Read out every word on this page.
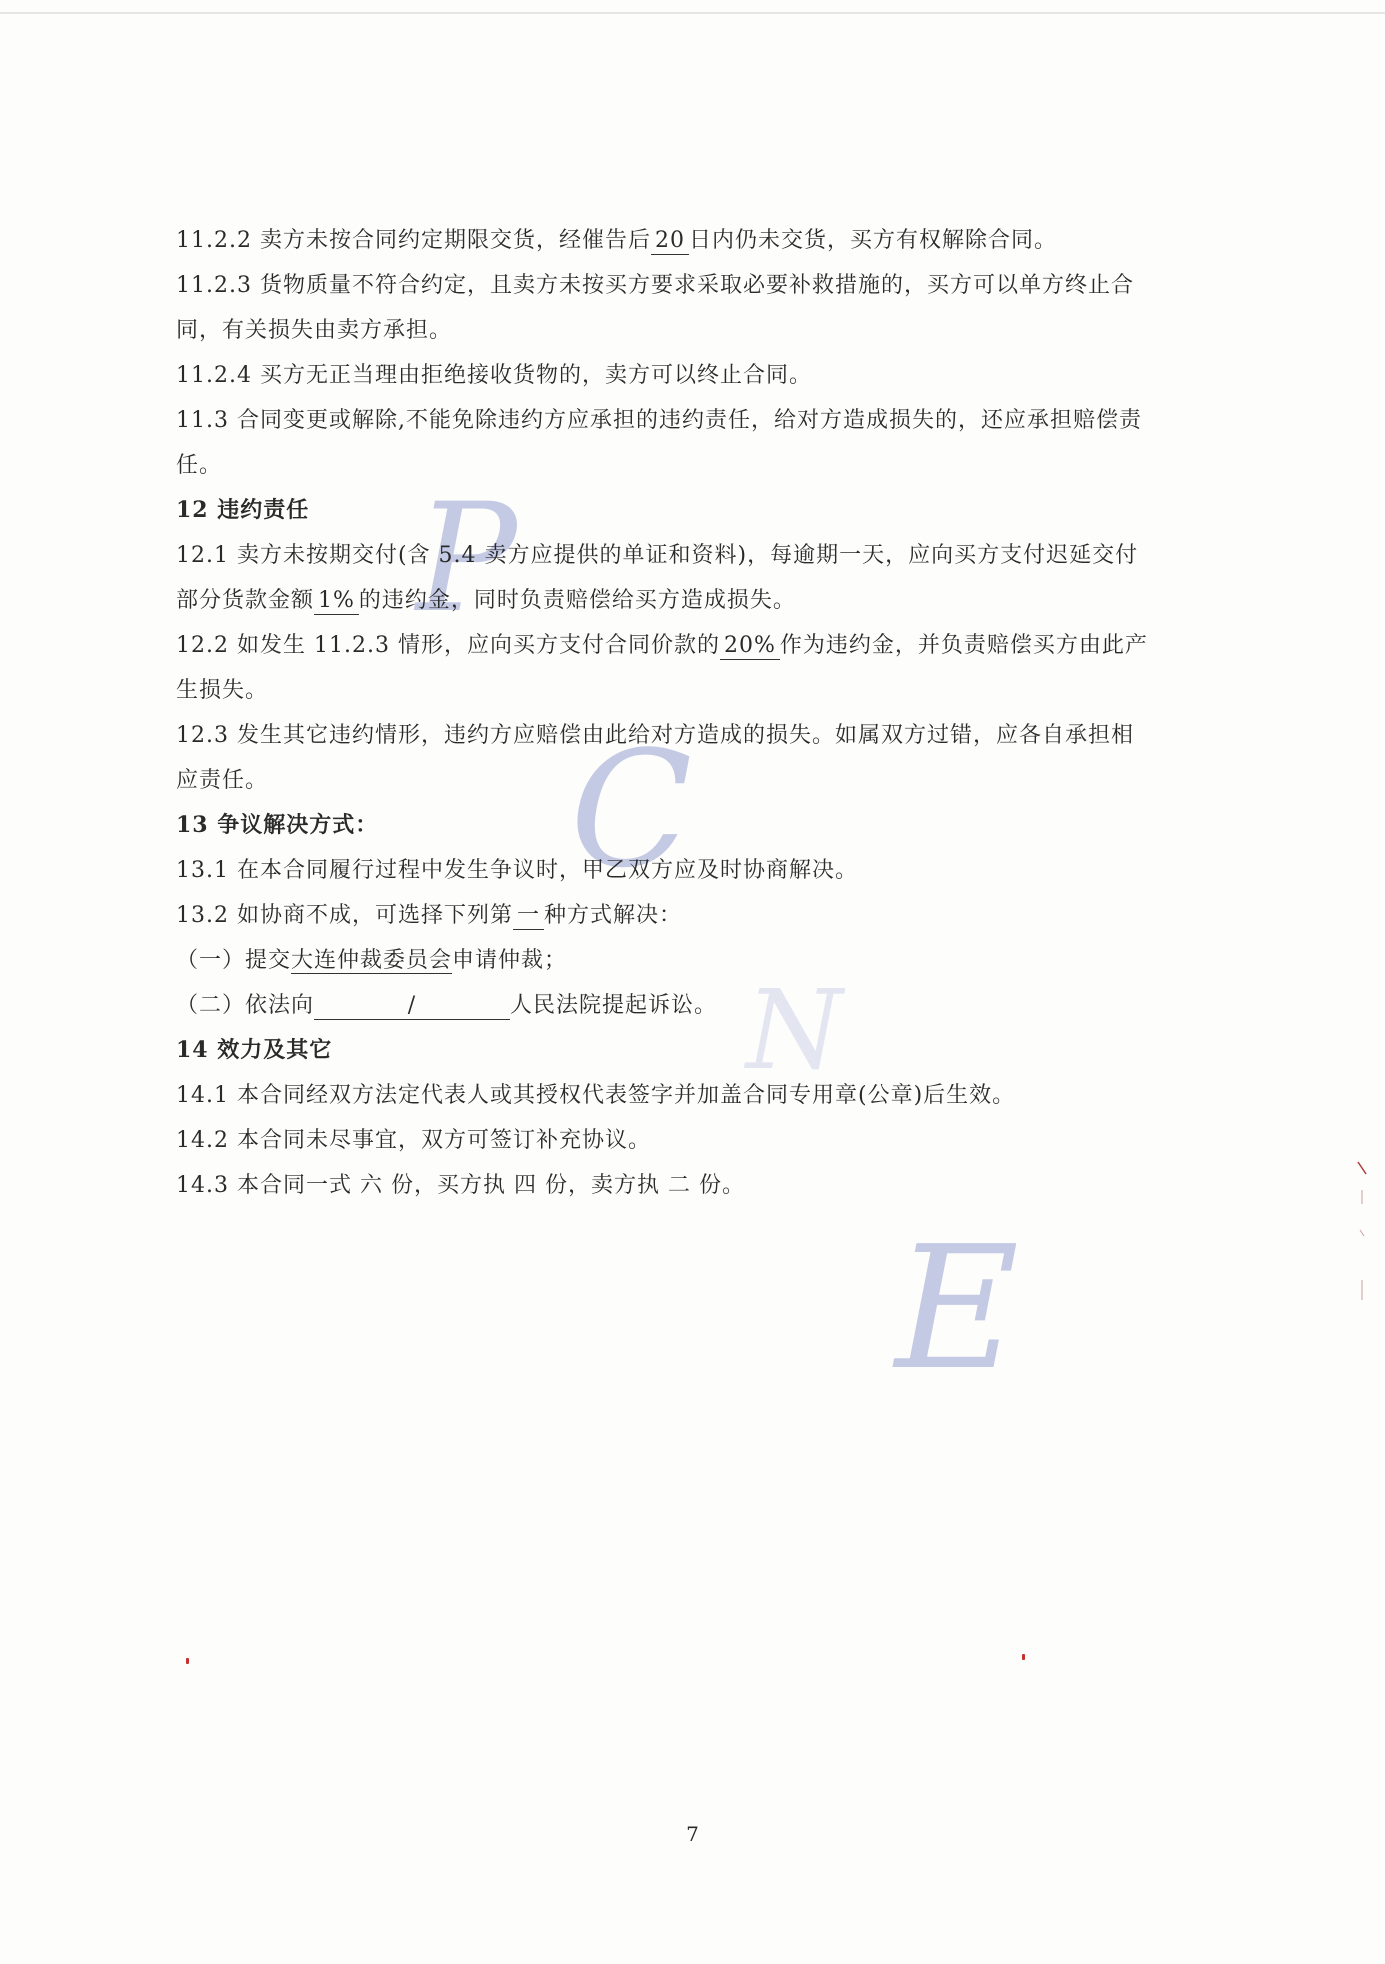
P
C
N
E
11.2.2 卖方未按合同约定期限交货，经催告后 20 日内仍未交货，买方有权解除合同。
11.2.3 货物质量不符合约定，且卖方未按买方要求采取必要补救措施的，买方可以单方终止合
同，有关损失由卖方承担。
11.2.4 买方无正当理由拒绝接收货物的，卖方可以终止合同。
11.3 合同变更或解除,不能免除违约方应承担的违约责任，给对方造成损失的，还应承担赔偿责
任。
12 违约责任
12.1 卖方未按期交付(含 5.4 卖方应提供的单证和资料)，每逾期一天，应向买方支付迟延交付
部分货款金额 1% 的违约金，同时负责赔偿给买方造成损失。
12.2 如发生 11.2.3 情形，应向买方支付合同价款的 20% 作为违约金，并负责赔偿买方由此产
生损失。
12.3 发生其它违约情形，违约方应赔偿由此给对方造成的损失。如属双方过错，应各自承担相
应责任。
13 争议解决方式：
13.1 在本合同履行过程中发生争议时，甲乙双方应及时协商解决。
13.2 如协商不成，可选择下列第 一 种方式解决：
（一）提交大连仲裁委员会申请仲裁；
（二）依法向	/	人民法院提起诉讼。
14 效力及其它
14.1 本合同经双方法定代表人或其授权代表签字并加盖合同专用章(公章)后生效。
14.2 本合同未尽事宜，双方可签订补充协议。
14.3 本合同一式 六 份，买方执 四 份，卖方执 二 份。
7
